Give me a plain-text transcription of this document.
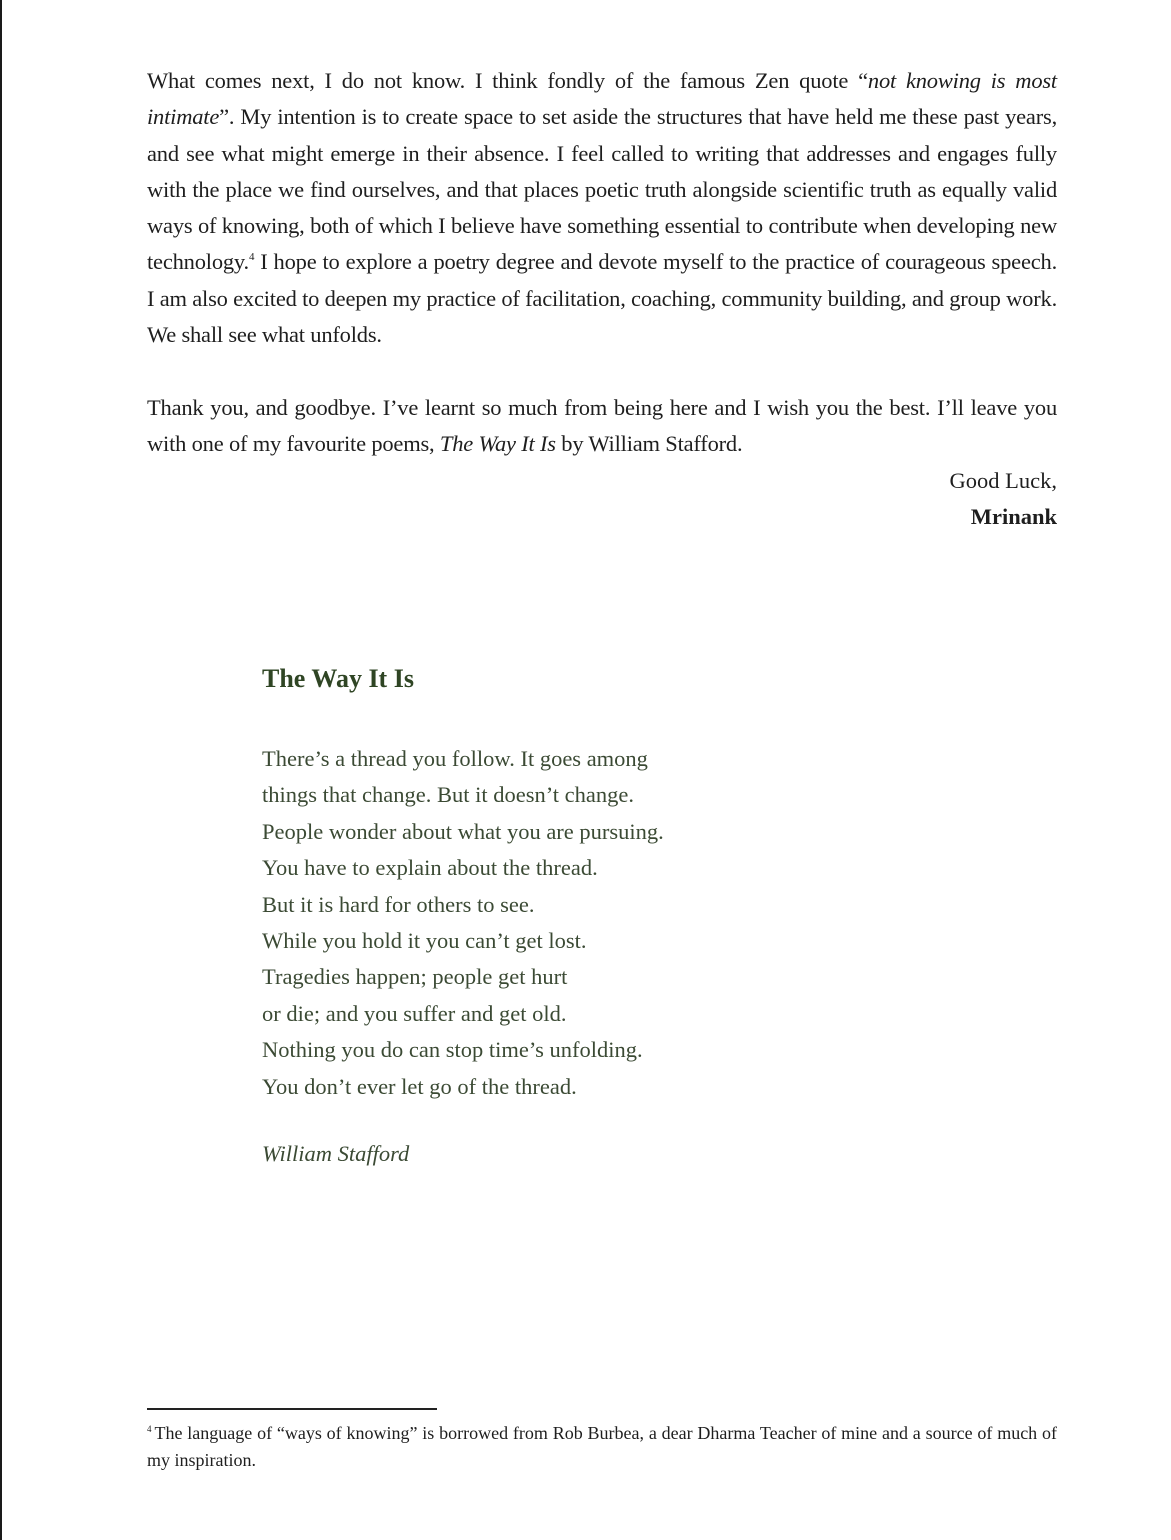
What comes next, I do not know. I think fondly of the famous Zen quote “not knowing is most intimate”. My intention is to create space to set aside the structures that have held me these past years, and see what might emerge in their absence. I feel called to writing that addresses and engages fully with the place we find ourselves, and that places poetic truth alongside scientific truth as equally valid ways of knowing, both of which I believe have something essential to contribute when developing new technology.$^4$ I hope to explore a poetry degree and devote myself to the practice of courageous speech. I am also excited to deepen my practice of facilitation, coaching, community building, and group work. We shall see what unfolds.
Thank you, and goodbye. I’ve learnt so much from being here and I wish you the best. I’ll leave you with one of my favourite poems, The Way It Is by William Stafford.
Good Luck,
Mrinank
The Way It Is
There’s a thread you follow. It goes among
things that change. But it doesn’t change.
People wonder about what you are pursuing.
You have to explain about the thread.
But it is hard for others to see.
While you hold it you can’t get lost.
Tragedies happen; people get hurt
or die; and you suffer and get old.
Nothing you do can stop time’s unfolding.
You don’t ever let go of the thread.
William Stafford
$^4$ The language of “ways of knowing” is borrowed from Rob Burbea, a dear Dharma Teacher of mine and a source of much of my inspiration.
